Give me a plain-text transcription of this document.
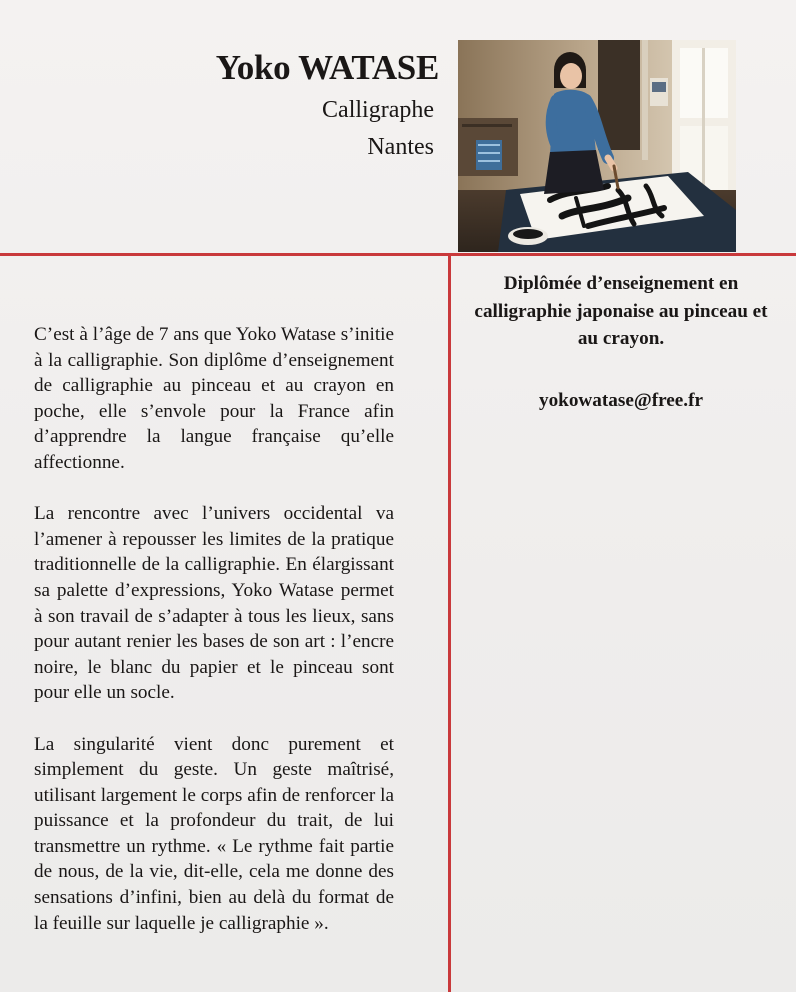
Yoko WATASE
Calligraphe
Nantes

C’est à l’âge de 7 ans que Yoko Watase s’initie à la calligraphie. Son diplôme d’enseignement de calligraphie au pinceau et au crayon en poche, elle s’envole pour la France afin d’apprendre la langue française qu’elle affectionne.

La rencontre avec l’univers occidental va l’amener à repousser les limites de la pratique traditionnelle de la calligraphie. En élargissant sa palette d’expressions, Yoko Watase permet à son travail de s’adapter à tous les lieux, sans pour autant renier les bases de son art : l’encre noire, le blanc du papier et le pinceau sont pour elle un socle.

La singularité vient donc purement et simplement du geste. Un geste maîtrisé, utilisant largement le corps afin de renforcer la puissance et la profondeur du trait, de lui transmettre un rythme. « Le rythme fait partie de nous, de la vie, dit-elle, cela me donne des sensations d’infini, bien au delà du format de la feuille sur laquelle je calligraphie ».

Diplômée d’enseignement en calligraphie japonaise au pinceau et au crayon.
yokowatase@free.fr
